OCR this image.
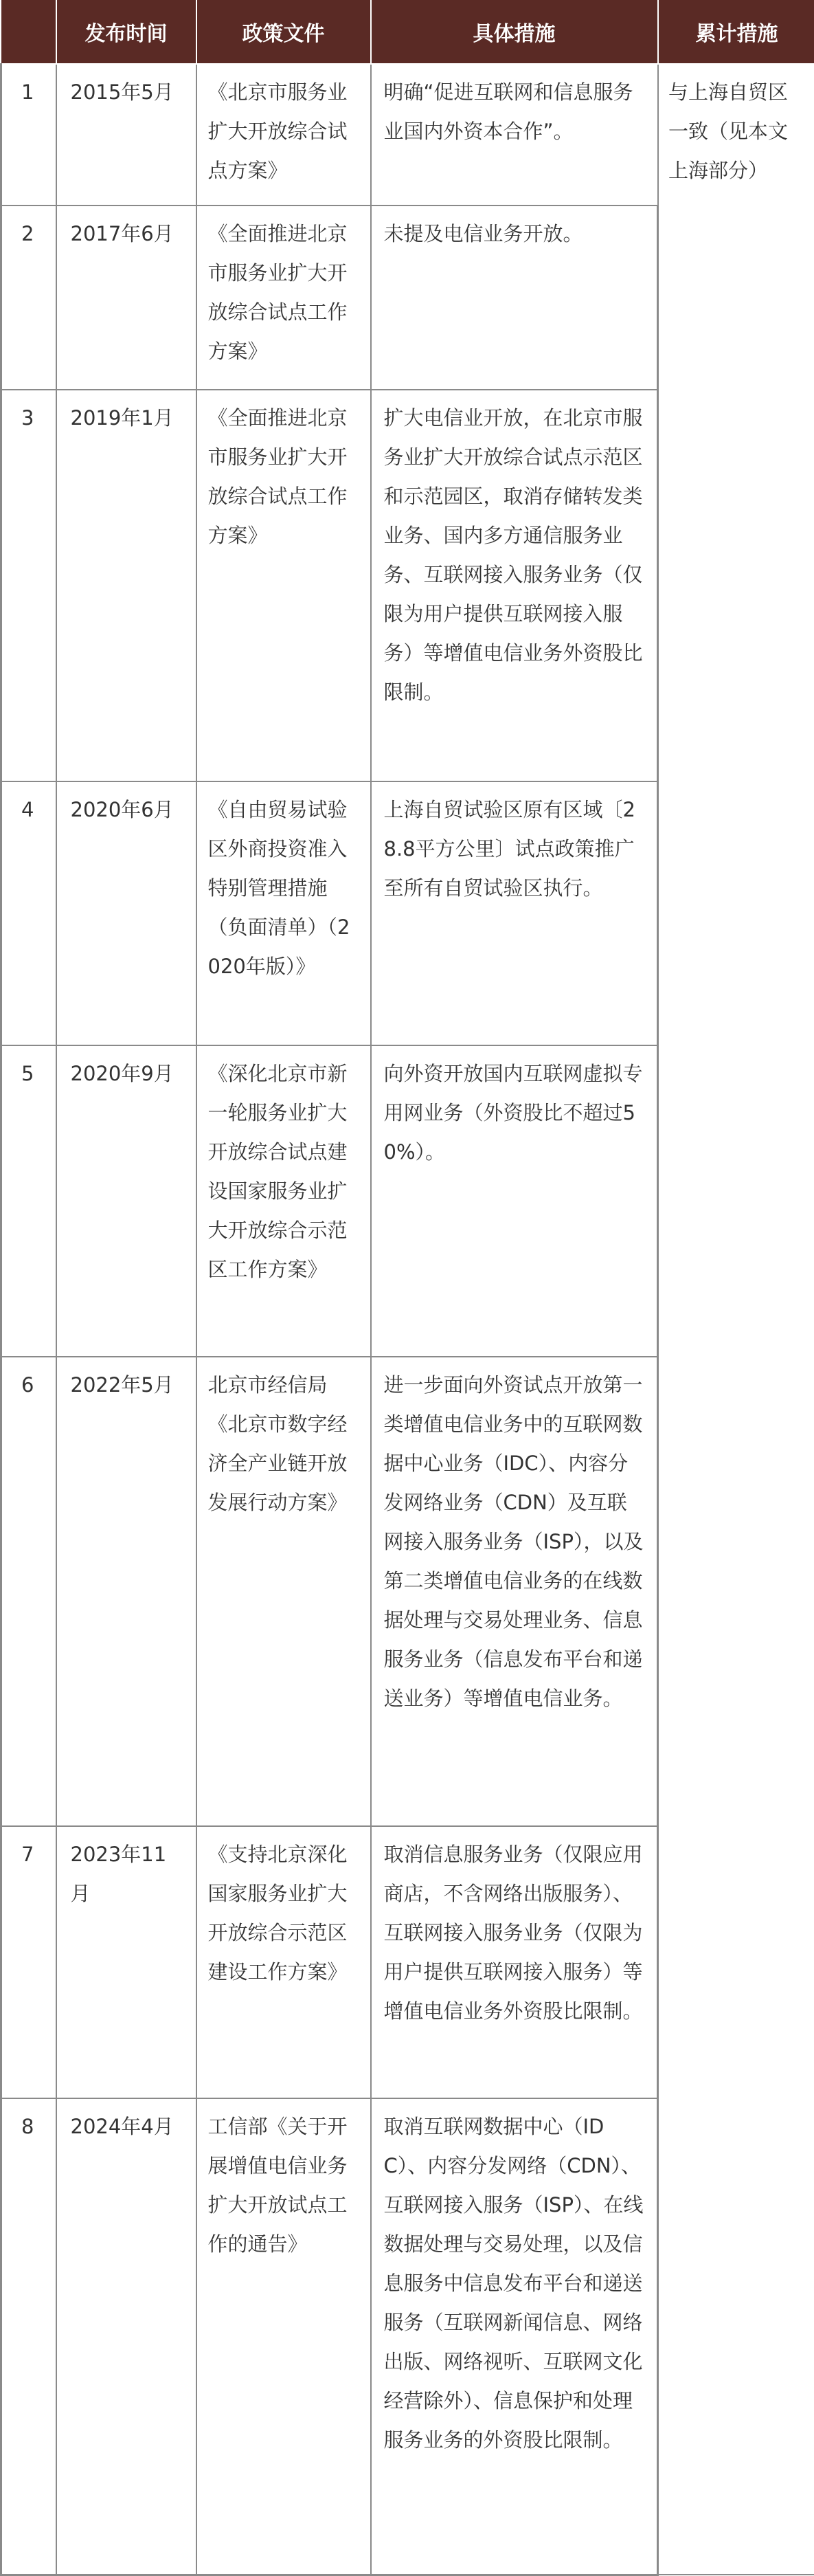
	发布时间	政策文件	具体措施	累计措施
1	2015年5月	《北京市服务业扩大开放综合试点方案》	明确“促进互联网和信息服务业国内外资本合作”。	与上海自贸区一致（见本文上海部分）
2	2017年6月	《全面推进北京市服务业扩大开放综合试点工作方案》	未提及电信业务开放。	
3	2019年1月	《全面推进北京市服务业扩大开放综合试点工作方案》	扩大电信业开放，在北京市服务业扩大开放综合试点示范区和示范园区，取消存储转发类业务、国内多方通信服务业务、互联网接入服务业务（仅限为用户提供互联网接入服务）等增值电信业务外资股比限制。	
4	2020年6月	《自由贸易试验区外商投资准入特别管理措施（负面清单）（2020年版）》	上海自贸试验区原有区域〔28.8平方公里〕试点政策推广至所有自贸试验区执行。	
5	2020年9月	《深化北京市新一轮服务业扩大开放综合试点建设国家服务业扩大开放综合示范区工作方案》	向外资开放国内互联网虚拟专用网业务（外资股比不超过50%）。	
6	2022年5月	北京市经信局《北京市数字经济全产业链开放发展行动方案》	进一步面向外资试点开放第一类增值电信业务中的互联网数据中心业务（IDC）、内容分发网络业务（CDN）及互联网接入服务业务（ISP），以及第二类增值电信业务的在线数据处理与交易处理业务、信息服务业务（信息发布平台和递送业务）等增值电信业务。	
7	2023年11月	《支持北京深化国家服务业扩大开放综合示范区建设工作方案》	取消信息服务业务（仅限应用商店，不含网络出版服务）、互联网接入服务业务（仅限为用户提供互联网接入服务）等增值电信业务外资股比限制。	
8	2024年4月	工信部《关于开展增值电信业务扩大开放试点工作的通告》	取消互联网数据中心（IDC）、内容分发网络（CDN）、互联网接入服务（ISP）、在线数据处理与交易处理，以及信息服务中信息发布平台和递送服务（互联网新闻信息、网络出版、网络视听、互联网文化经营除外）、信息保护和处理服务业务的外资股比限制。	
